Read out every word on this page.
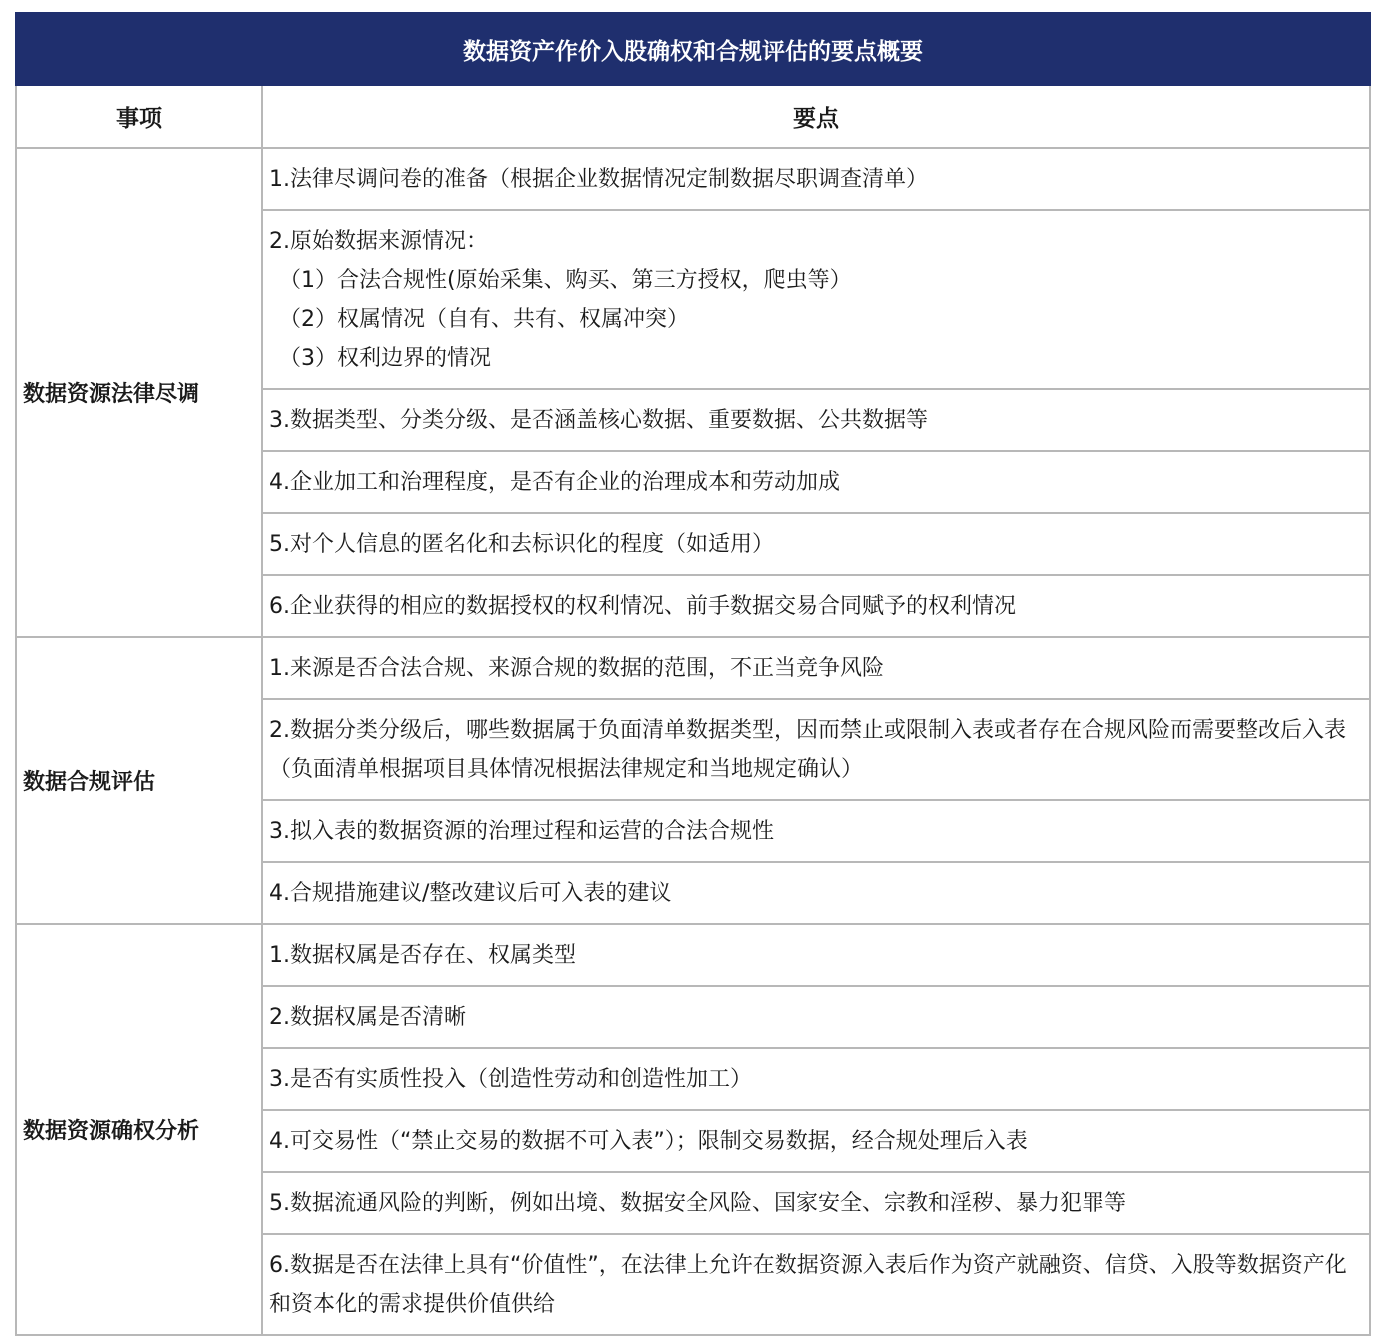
数据资产作价入股确权和合规评估的要点概要	
事项	要点
数据资源法律尽调	1.法律尽调问卷的准备（根据企业数据情况定制数据尽职调查清单）

	2.原始数据来源情况：
（1）合法合规性(原始采集、购买、第三方授权，爬虫等）
（2）权属情况（自有、共有、权属冲突）
（3）权利边界的情况

	3.数据类型、分类分级、是否涵盖核心数据、重要数据、公共数据等

	4.企业加工和治理程度，是否有企业的治理成本和劳动加成

	5.对个人信息的匿名化和去标识化的程度（如适用）

	6.企业获得的相应的数据授权的权利情况、前手数据交易合同赋予的权利情况

数据合规评估	1.来源是否合法合规、来源合规的数据的范围，不正当竞争风险

	2.数据分类分级后，哪些数据属于负面清单数据类型，因而禁止或限制入表或者存在合规风险而需要整改后入表（负面清单根据项目具体情况根据法律规定和当地规定确认）

	3.拟入表的数据资源的治理过程和运营的合法合规性

	4.合规措施建议/整改建议后可入表的建议

数据资源确权分析	1.数据权属是否存在、权属类型

	2.数据权属是否清晰

	3.是否有实质性投入（创造性劳动和创造性加工）

	4.可交易性（“禁止交易的数据不可入表”）；限制交易数据，经合规处理后入表

	5.数据流通风险的判断，例如出境、数据安全风险、国家安全、宗教和淫秽、暴力犯罪等

	6.数据是否在法律上具有“价值性”，在法律上允许在数据资源入表后作为资产就融资、信贷、入股等数据资产化和资本化的需求提供价值供给
